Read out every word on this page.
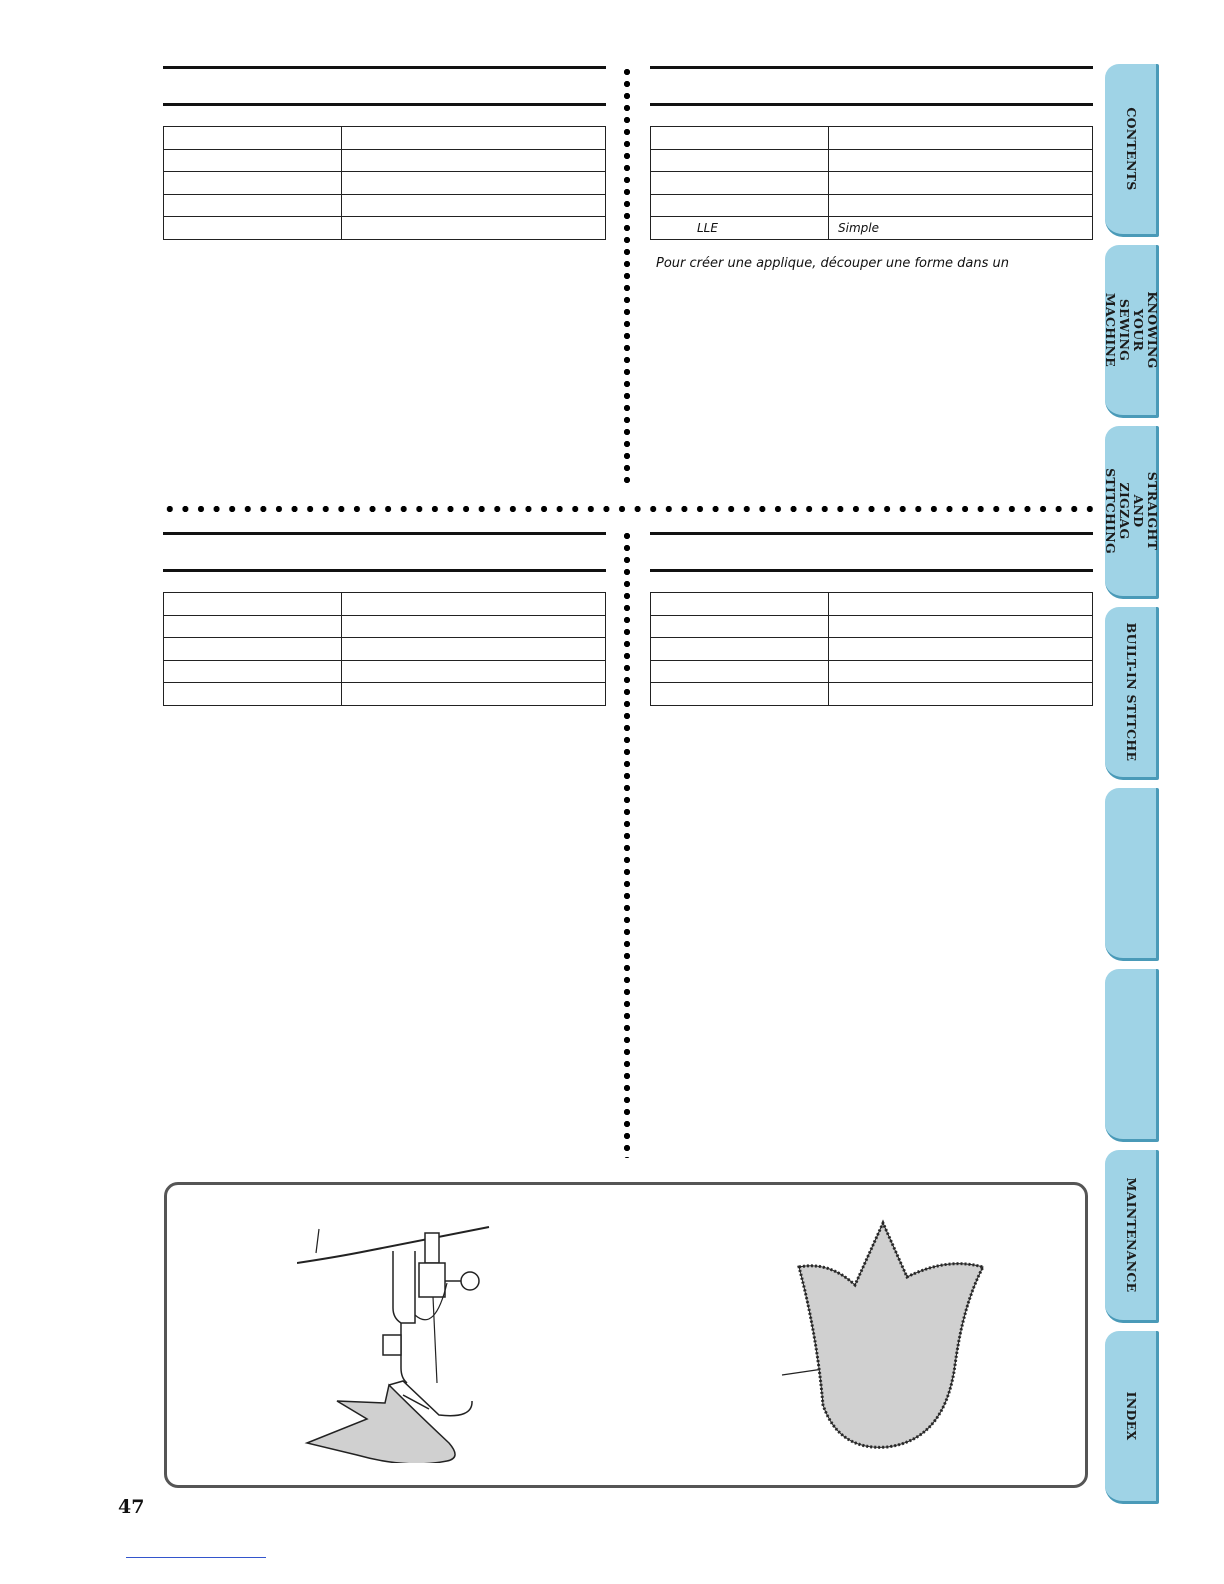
LLE	Simple

Pour créer une applique, découper une forme dans un

CONTENTS
KNOWING YOUR
SEWING MACHINE
STRAIGHT AND
ZIGZAG STITCHING
BUILT-IN STITCHE
MAINTENANCE
INDEX
47
